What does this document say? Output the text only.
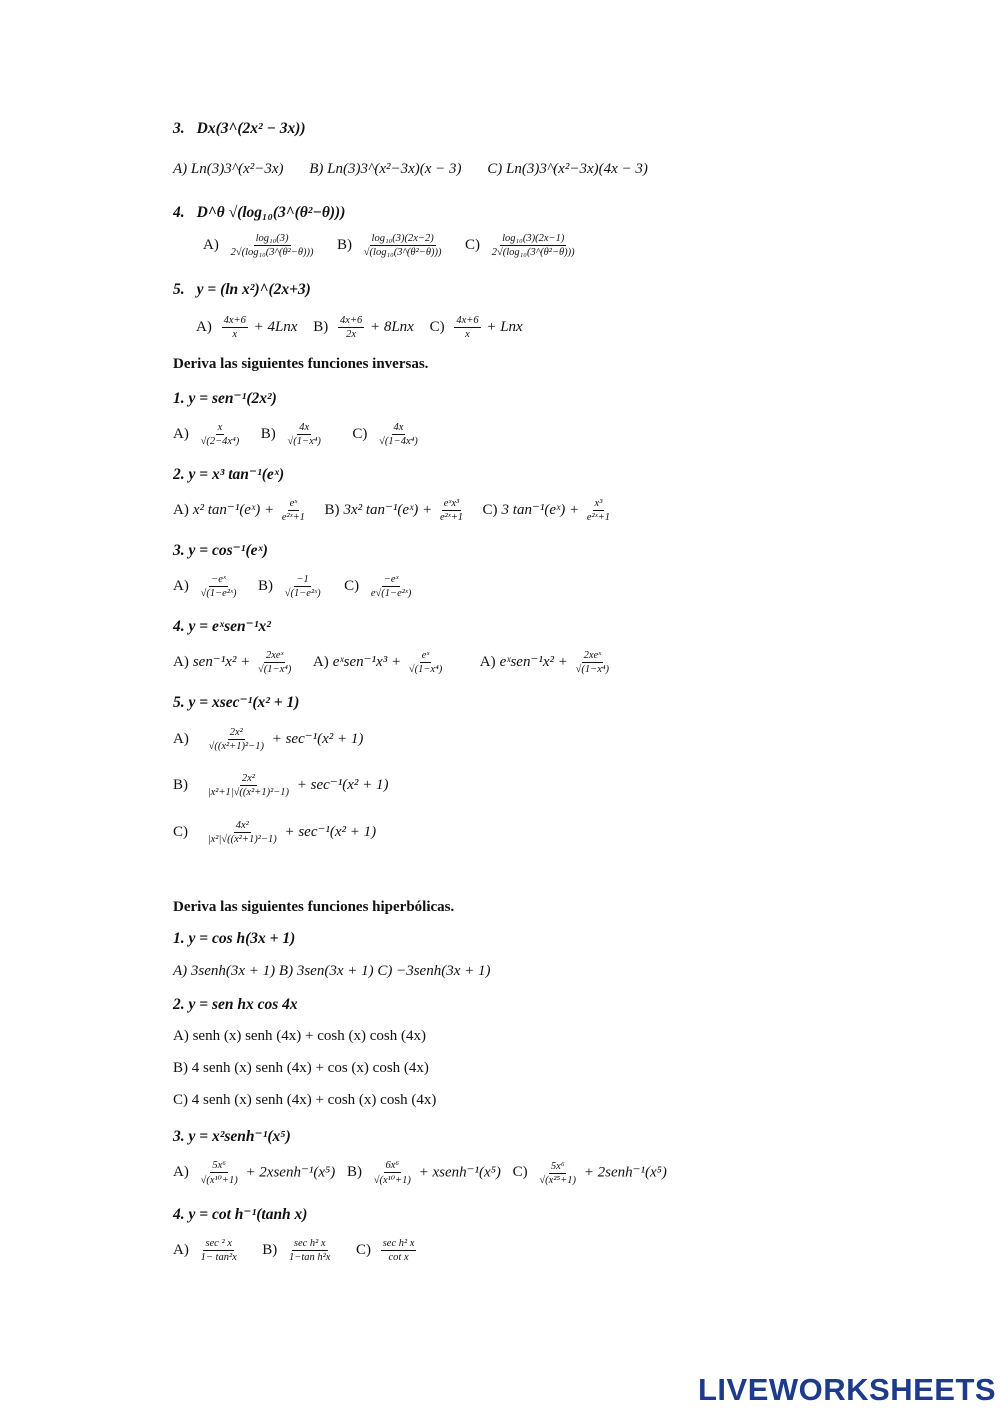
3. Dx(3^(2x² − 3x))
A) Ln(3)3^(x²−3x) B) Ln(3)3^(x²−3x)(x − 3) C) Ln(3)3^(x²−3x)(4x − 3)
4. D^θ √(log₁₀(3^(θ²−θ)))
$A) \frac{\text{log₁₀(3)}}{\text{2√(log₁₀(3\textasciicircum{}(θ²−θ)))}} B) \frac{\text{log₁₀(3)(2x−2)}}{\text{√(log₁₀(3\textasciicircum{}(θ²−θ)))}} C) \frac{\text{log₁₀(3)(2x−1)}}{\text{2√(log₁₀(3\textasciicircum{}(θ²−θ)))}}$
5. y = (ln x²)^(2x+3)
$A) \frac{4x+6}{x} + 4Lnx$ $B) \frac{4x+6}{2x} + 8Lnx$ $C) \frac{4x+6}{x}$ + Lnx
Deriva las siguientes funciones inversas.
1. y = sen⁻¹(2x²)
$A) \frac{x}{\text{√(2−4x⁴)}} B) \frac{4x}{\text{√(1−x⁴)}} C) \frac{4x}{\text{√(1−4x⁴)}}$
2. y = x³ tan⁻¹(eˣ)
A) x² tan⁻¹(eˣ) + $\frac{\text{eˣ}}{\text{e²ˣ+1}} B$) 3x² tan⁻¹(eˣ) + $\frac{\text{eˣx³}}{\text{e²ˣ+1}} C$) 3 tan⁻¹(eˣ) + $\frac{\text{x³}}{\text{e²ˣ+1}}$
3. y = cos⁻¹(eˣ)
$A) \frac{\text{−eˣ}}{\text{√(1−e²ˣ)}} B) \frac{-1}{\text{√(1−e²ˣ)}} C) \frac{\text{−eˣ}}{\text{e√(1−e²ˣ)}}$
4. y = eˣsen⁻¹x²
A) $sen^{-1}x^2 + \frac{\text{2xeˣ}}{\text{√(1−x⁴)}} A$) eˣsen⁻¹x³ + $\frac{\text{eˣ}}{\text{√(1−x⁴)}} A$) eˣsen⁻¹x² + $\frac{\text{2xeˣ}}{\text{√(1−x⁴)}}$
5. y = xsec⁻¹(x² + 1)
$A) \frac{\text{2x²}}{\text{√((x²+1)²−1)}} + \sec^{-1}(x^2 + 1)$
$B) \frac{\text{2x²}}{\text{|x²+1|√((x²+1)²−1)}} + \sec^{-1}(x^2 + 1)$
$C) \frac{\text{4x²}}{\text{|x²|√((x²+1)²−1)}} + \sec^{-1}(x^2 + 1)$
Deriva las siguientes funciones hiperbólicas.
1. y = cos h(3x + 1)
A) 3senh(3x + 1) B) 3sen(3x + 1) C) −3senh(3x + 1)
2. y = sen hx cos 4x
A) senh (x) senh (4x) + cosh (x) cosh (4x)
B) 4 senh (x) senh (4x) + cos (x) cosh (4x)
C) 4 senh (x) senh (4x) + cosh (x) cosh (4x)
3. y = x²senh⁻¹(x⁵)
$A) \frac{\text{5x⁶}}{\text{√(x¹⁰+1)}}$ + 2xsenh⁻¹(x⁵) $B) \frac{\text{6x⁶}}{\text{√(x¹⁰+1)}}$ + xsenh⁻¹(x⁵) $C) \frac{\text{5x⁶}}{\text{√(x²⁵+1)}}$ + 2senh⁻¹(x⁵)
4. y = cot h⁻¹(tanh x)
$A) \frac{\text{sec ² x}}{\text{1− tan²x}} B) \frac{\text{sec h² x}}{\text{1−tan h²x}} C) \frac{\text{sec h² x}}{\text{cot x}}$
LIVEWORKSHEETS
